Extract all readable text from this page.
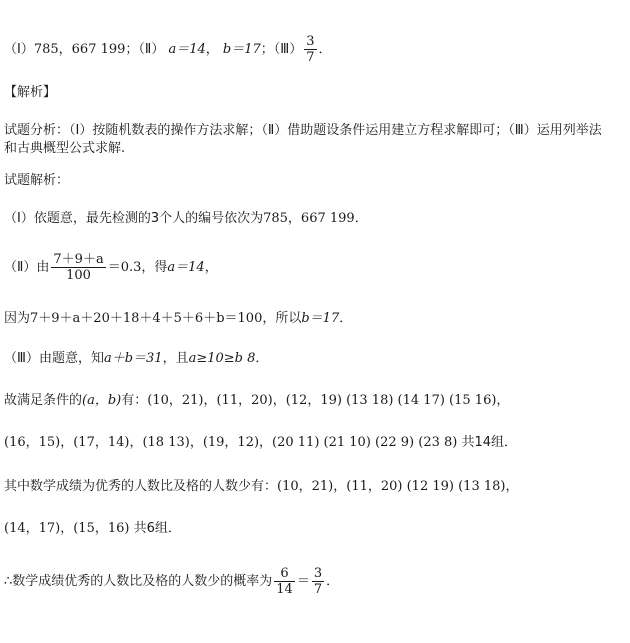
（Ⅰ）785，667 199；（Ⅱ） a＝14， b＝17；（Ⅲ） $\frac{3}{7}$ ．
【解析】
试题分析：（Ⅰ）按随机数表的操作方法求解；（Ⅱ）借助题设条件运用建立方程求解即可；（Ⅲ）运用列举法和古典概型公式求解.
试题解析：
（Ⅰ）依题意，最先检测的3个人的编号依次为785，667 199．
（Ⅱ）由 $\frac{7+9+a}{100} =0.3$，得a＝14，
因为7＋9＋a＋20＋18＋4＋5＋6＋b＝100，所以b＝17．
（Ⅲ）由题意，知a＋b＝31，且a≥10≥b 8．
故满足条件的(a，b)有：(10，21)，(11，20)，(12，19) (13 18) (14 17) (15 16)，
(16，15)，(17，14)，(18 13)，(19，12)，(20 11) (21 10) (22 9) (23 8) 共14组．
其中数学成绩为优秀的人数比及格的人数少有：(10，21)，(11，20) (12 19) (13 18)，
(14，17)，(15，16) 共6组．
∴数学成绩优秀的人数比及格的人数少的概率为 $\frac{6}{14} = \frac{3}{7}$ ．
